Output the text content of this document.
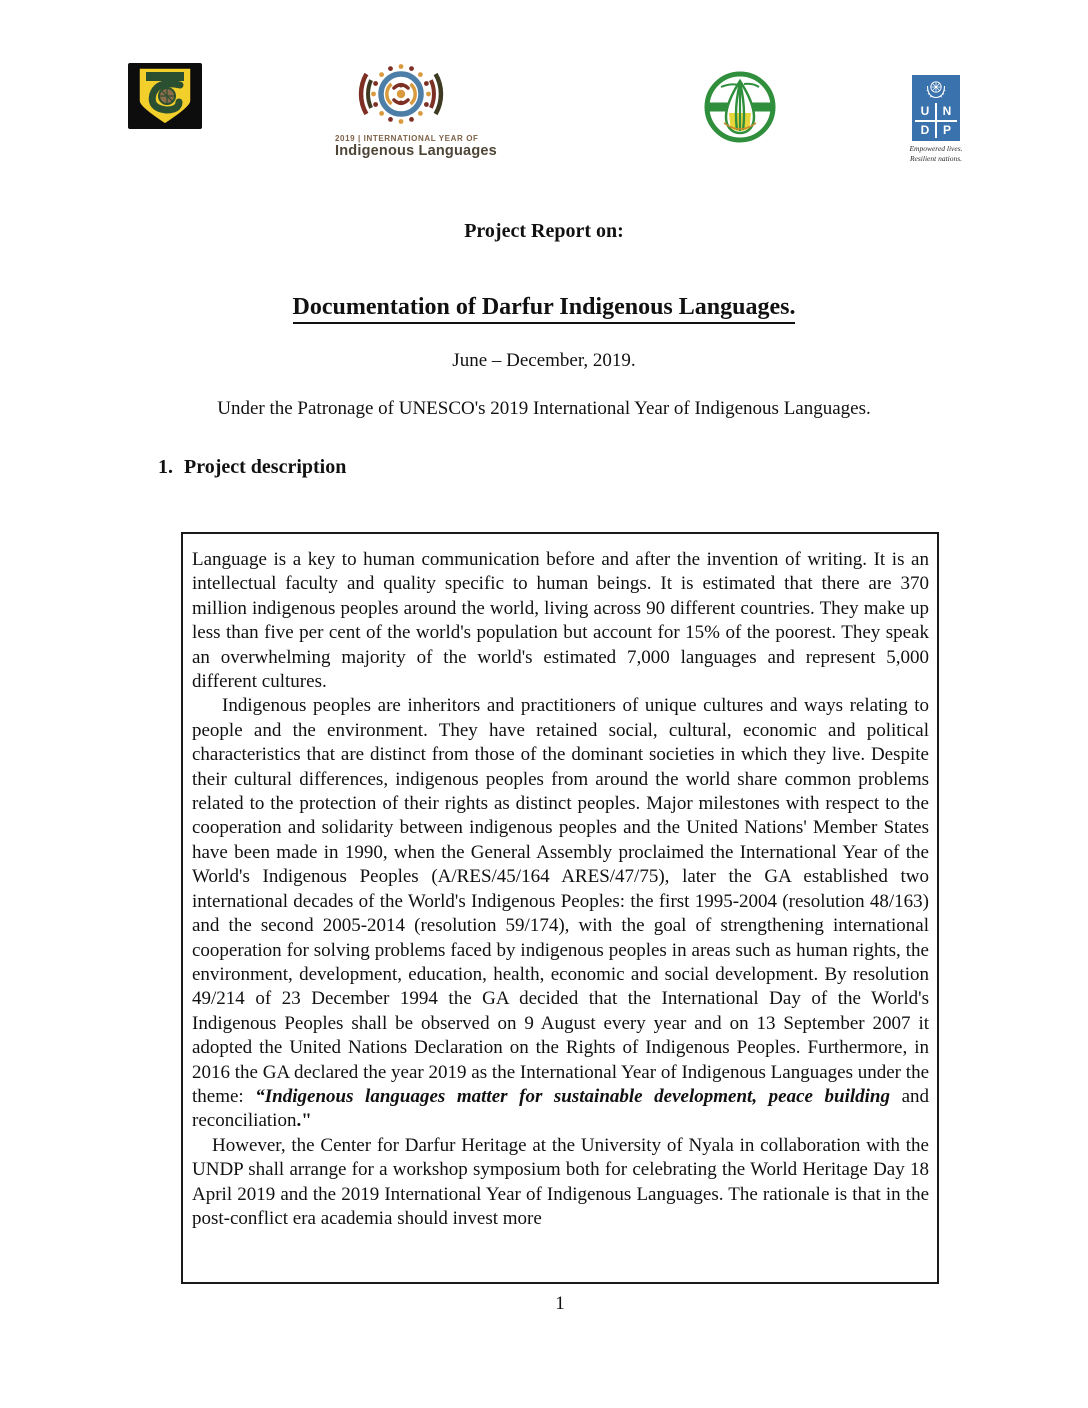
2019 | INTERNATIONAL YEAR OF
Indigenous Languages
U	N
D	P
Empowered lives.
Resilient nations.
Project Report on:
Documentation of Darfur Indigenous Languages.
June – December, 2019.
Under the Patronage of UNESCO's 2019 International Year of Indigenous Languages.
1. Project description

Language is a key to human communication before and after the invention of writing. It is an intellectual faculty and quality specific to human beings. It is estimated that there are 370 million indigenous peoples around the world, living across 90 different countries. They make up less than five per cent of the world's population but account for 15% of the poorest. They speak an overwhelming majority of the world's estimated 7,000 languages and represent 5,000 different cultures.

Indigenous peoples are inheritors and practitioners of unique cultures and ways relating to people and the environment. They have retained social, cultural, economic and political characteristics that are distinct from those of the dominant societies in which they live. Despite their cultural differences, indigenous peoples from around the world share common problems related to the protection of their rights as distinct peoples. Major milestones with respect to the cooperation and solidarity between indigenous peoples and the United Nations' Member States have been made in 1990, when the General Assembly proclaimed the International Year of the World's Indigenous Peoples (A/RES/45/164 ARES/47/75), later the GA established two international decades of the World's Indigenous Peoples: the first 1995-2004 (resolution 48/163) and the second 2005-2014 (resolution 59/174), with the goal of strengthening international cooperation for solving problems faced by indigenous peoples in areas such as human rights, the environment, development, education, health, economic and social development. By resolution 49/214 of 23 December 1994 the GA decided that the International Day of the World's Indigenous Peoples shall be observed on 9 August every year and on 13 September 2007 it adopted the United Nations Declaration on the Rights of Indigenous Peoples. Furthermore, in 2016 the GA declared the year 2019 as the International Year of Indigenous Languages under the theme: “Indigenous languages matter for sustainable development, peace building and reconciliation."

However, the Center for Darfur Heritage at the University of Nyala in collaboration with the UNDP shall arrange for a workshop symposium both for celebrating the World Heritage Day 18 April 2019 and the 2019 International Year of Indigenous Languages. The rationale is that in the post-conflict era academia should invest more

1
